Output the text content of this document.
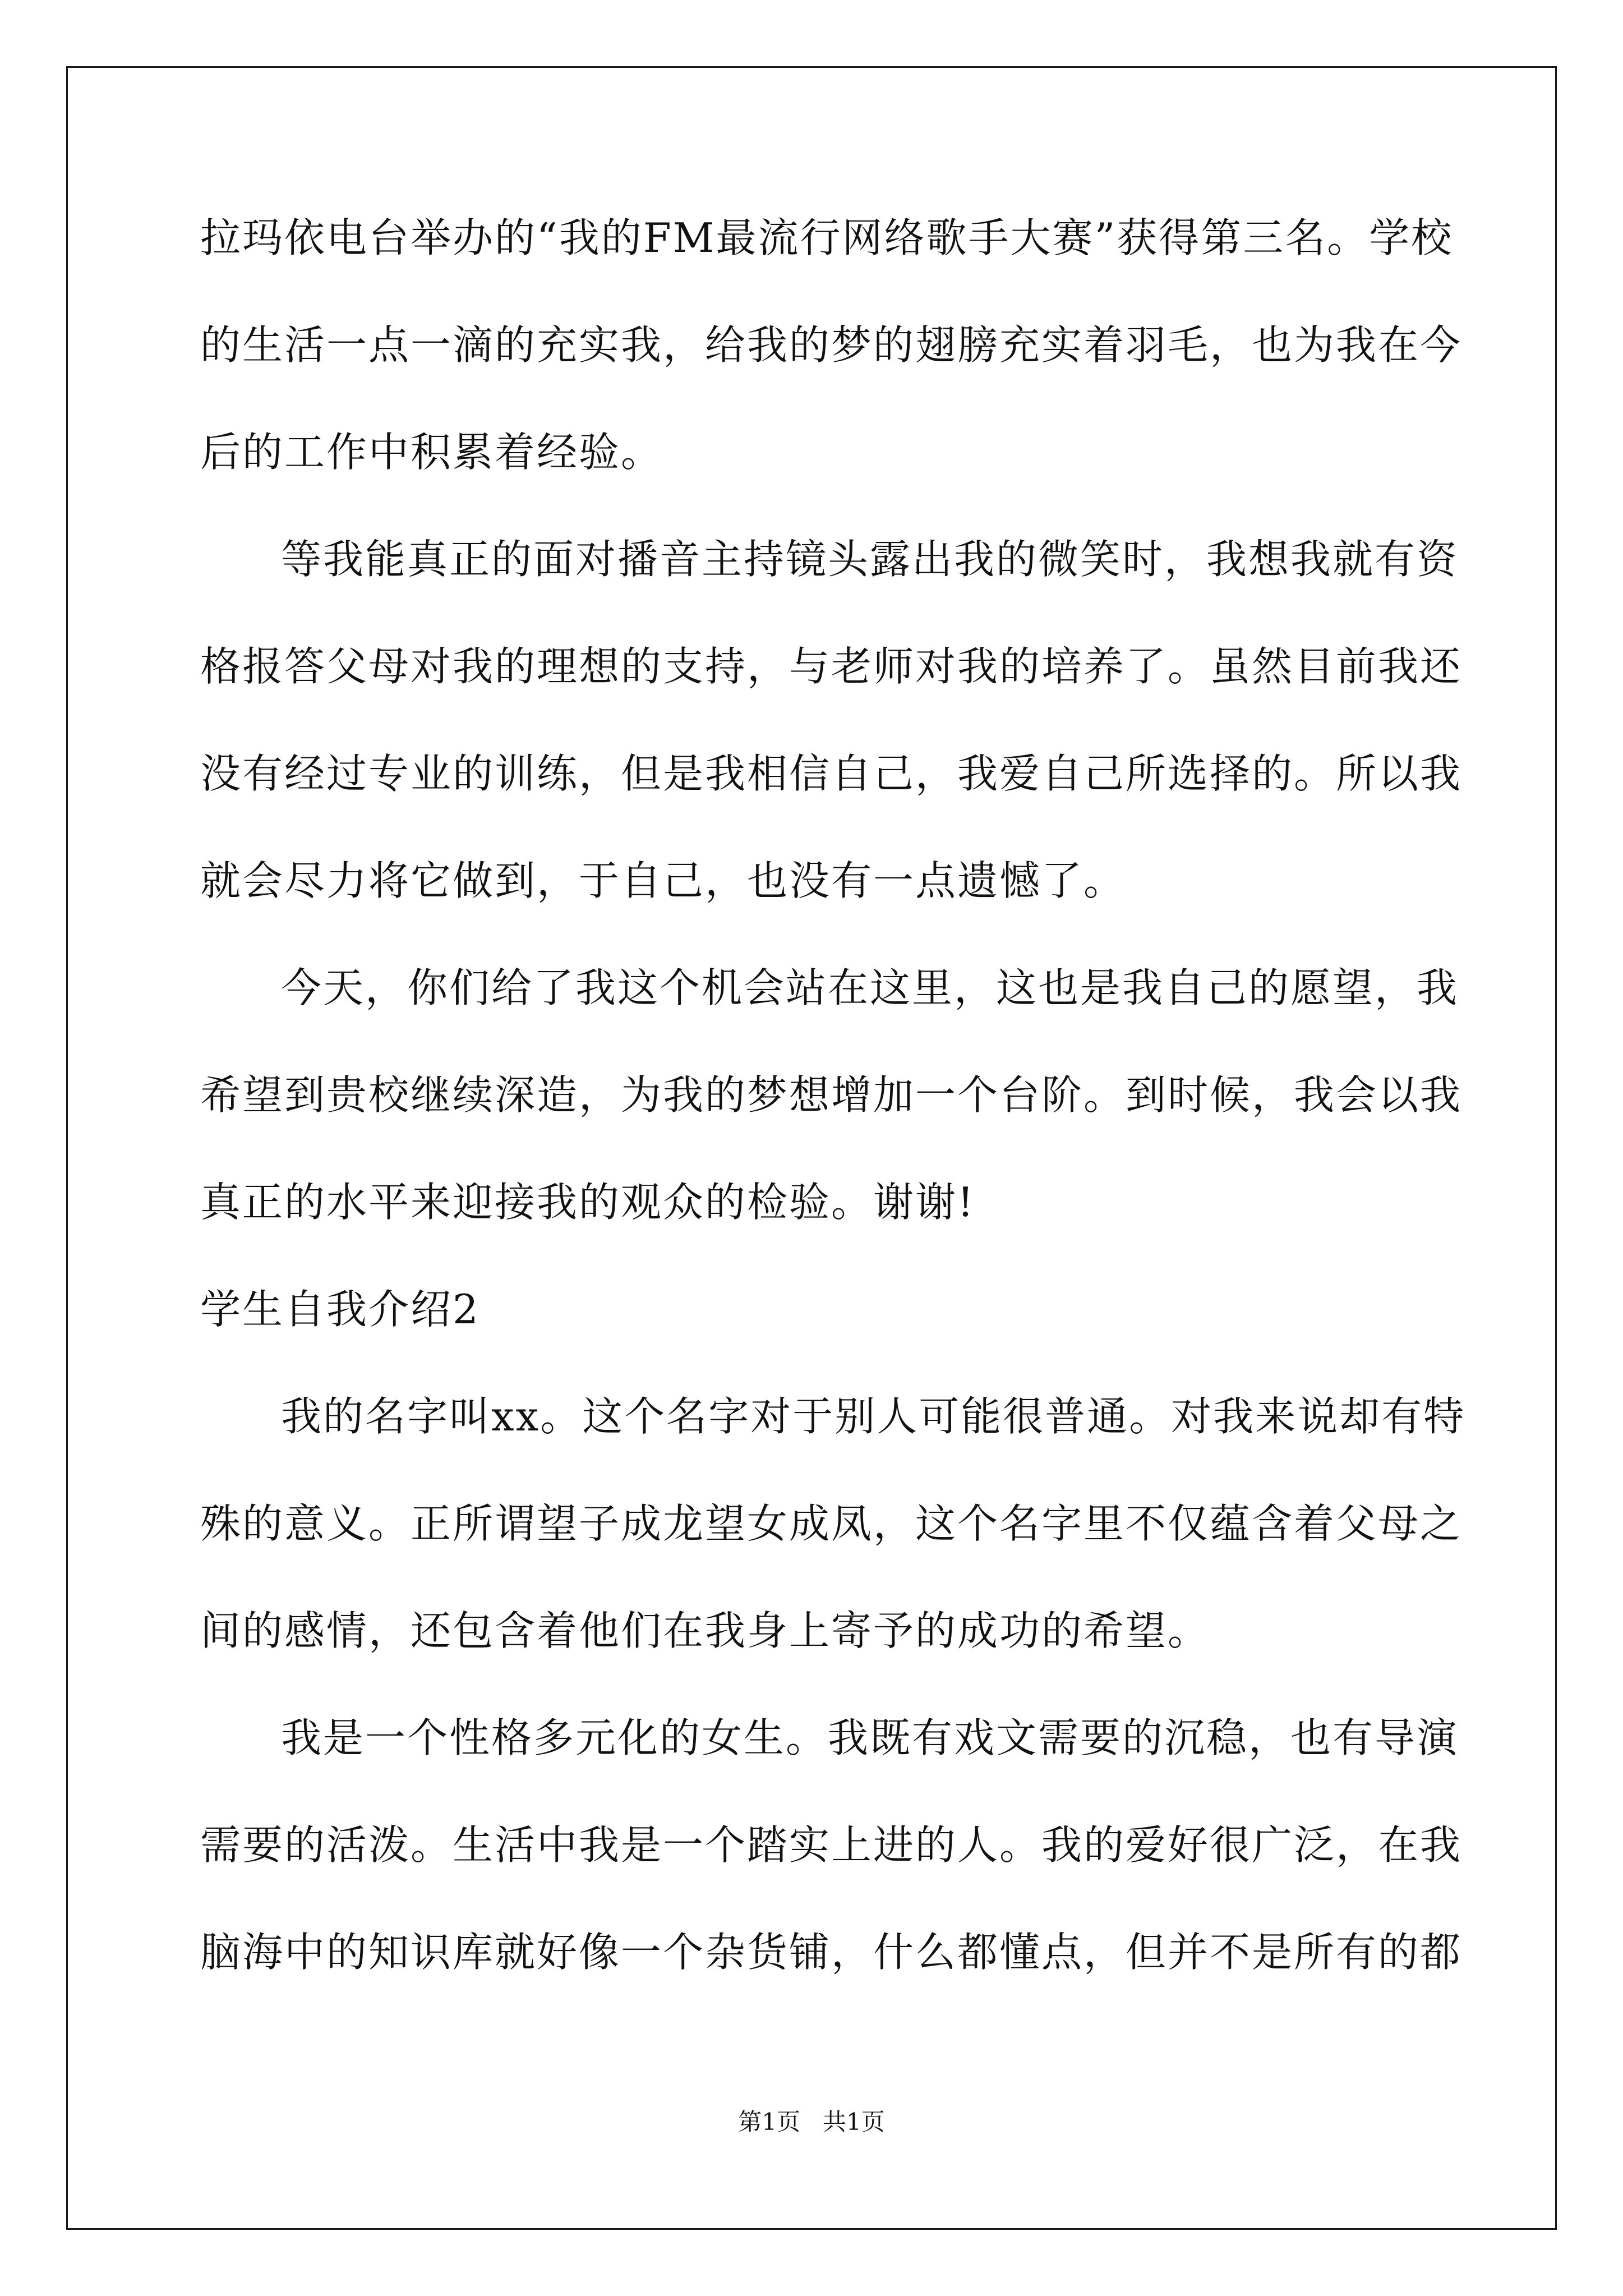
拉玛依电台举办的“我的FM最流行网络歌手大赛”获得第三名。学校
的生活一点一滴的充实我，给我的梦的翅膀充实着羽毛，也为我在今
后的工作中积累着经验。
等我能真正的面对播音主持镜头露出我的微笑时，我想我就有资
格报答父母对我的理想的支持，与老师对我的培养了。虽然目前我还
没有经过专业的训练，但是我相信自己，我爱自己所选择的。所以我
就会尽力将它做到，于自己，也没有一点遗憾了。
今天，你们给了我这个机会站在这里，这也是我自己的愿望，我
希望到贵校继续深造，为我的梦想增加一个台阶。到时候，我会以我
真正的水平来迎接我的观众的检验。谢谢!
学生自我介绍2
我的名字叫xx。这个名字对于别人可能很普通。对我来说却有特
殊的意义。正所谓望子成龙望女成凤，这个名字里不仅蕴含着父母之
间的感情，还包含着他们在我身上寄予的成功的希望。
我是一个性格多元化的女生。我既有戏文需要的沉稳，也有导演
需要的活泼。生活中我是一个踏实上进的人。我的爱好很广泛，在我
脑海中的知识库就好像一个杂货铺，什么都懂点，但并不是所有的都
第1页   共1页
